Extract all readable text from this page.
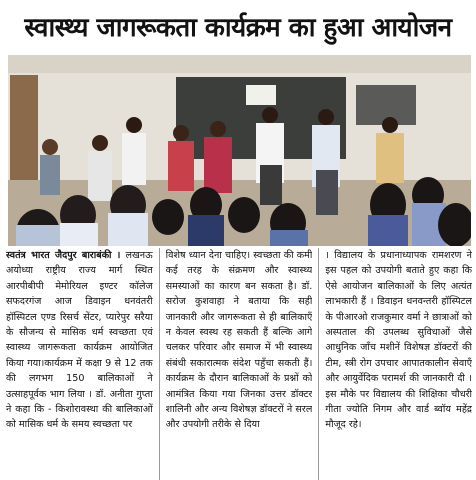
स्वास्थ्य जागरूकता कार्यक्रम का हुआ आयोजन

स्वतंत्र भारत जैदपुर बाराबंकी । लखनऊ अयोध्या राष्ट्रीय राज्य मार्ग स्थित आरपीबीपी मेमोरियल इण्टर कॉलेज सफदरगंज आज डिवाइन धनवंतरी हॉस्पिटल एण्ड रिसर्च सेंटर, प्यारेपुर सरैया के सौजन्य से मासिक धर्म स्वच्छता एवं स्वास्थ्य जागरूकता कार्यक्रम आयोजित किया गया।कार्यक्रम में कक्षा 9 से 12 तक की लगभग 150 बालिकाओं ने उत्साहपूर्वक भाग लिया । डॉ. अनीता गुप्ता ने कहा कि - किशोरावस्था की बालिकाओं को मासिक धर्म के समय स्वच्छता पर

विशेष ध्यान देना चाहिए। स्वच्छता की कमी कई तरह के संक्रमण और स्वास्थ्य समस्याओं का कारण बन सकता है। डॉ. सरोज कुशवाहा ने बताया कि सही जानकारी और जागरूकता से ही बालिकाएँ न केवल स्वस्थ रह सकती हैं बल्कि आगे चलकर परिवार और समाज में भी स्वास्थ्य संबंधी सकारात्मक संदेश पहुँचा सकती हैं। कार्यक्रम के दौरान बालिकाओं के प्रश्नों को आमंत्रित किया गया जिनका उत्तर डॉक्टर शालिनी और अन्य विशेषज्ञ डॉक्टरों ने सरल और उपयोगी तरीके से दिया

। विद्यालय के प्रधानाध्यापक रामशरण ने इस पहल को उपयोगी बताते हुए कहा कि ऐसे आयोजन बालिकाओं के लिए अत्यंत लाभकारी हैं । डिवाइन धनवन्तरी हॉस्पिटल के पीआरओ राजकुमार वर्मा ने छात्राओं को अस्पताल की उपलब्ध सुविधाओं जैसे आधुनिक जाँच मशीनें विशेषज्ञ डॉक्टरों की टीम, स्त्री रोग उपचार आपातकालीन सेवाएँ और आयुर्वेदिक परामर्श की जानकारी दी । इस मौके पर विद्यालय की शिक्षिका चौधरी गीता ज्योति निगम और वार्ड ब्वॉय महेंद्र मौजूद रहे।
